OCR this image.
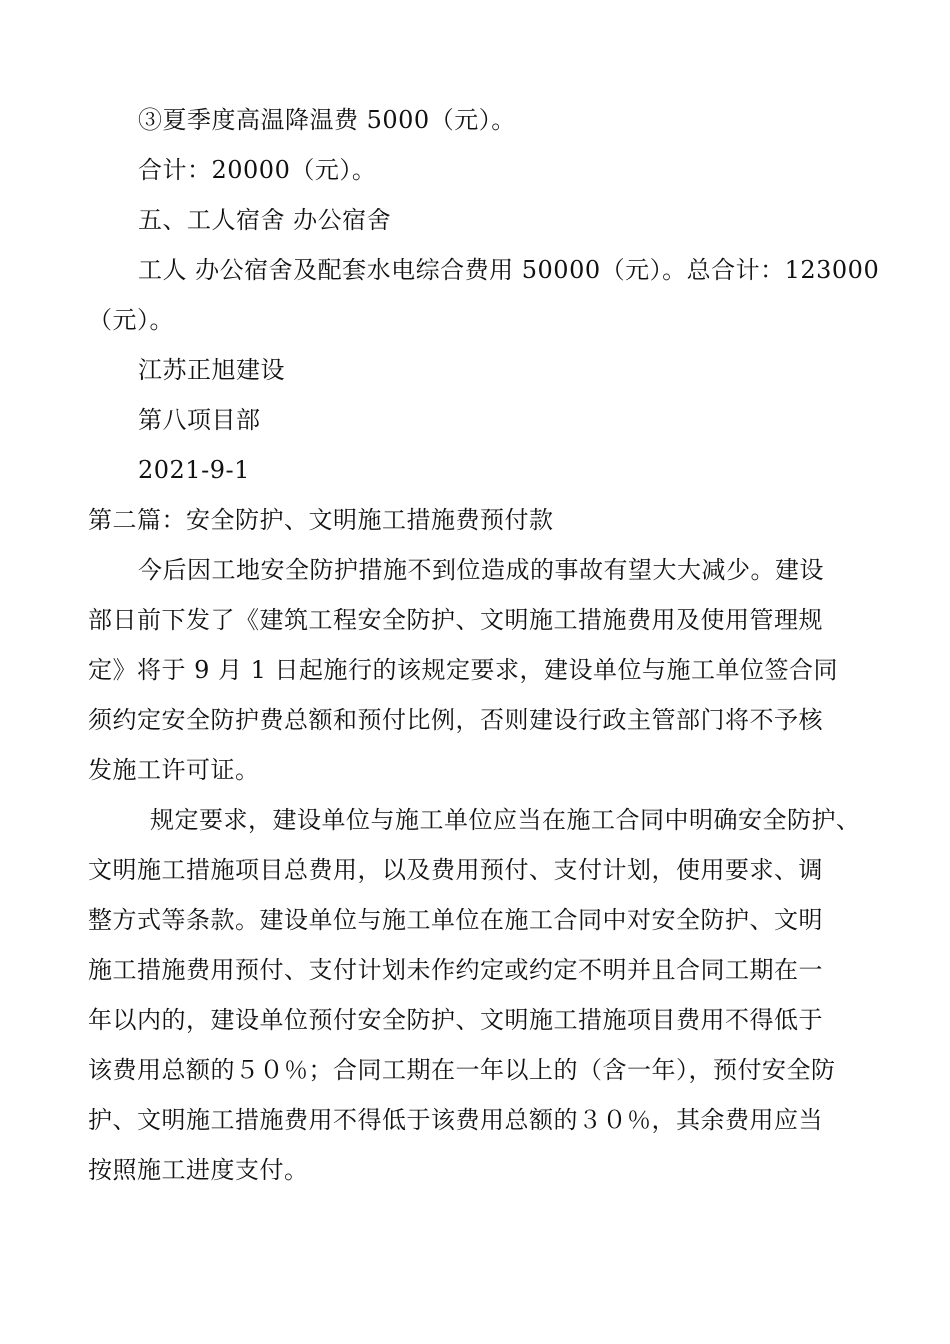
③夏季度高温降温费 5000（元）。
合计：20000（元）。
五、工人宿舍 办公宿舍
工人 办公宿舍及配套水电综合费用 50000（元）。总合计：123000
（元）。
江苏正旭建设
第八项目部
2021-9-1
第二篇：安全防护、文明施工措施费预付款
今后因工地安全防护措施不到位造成的事故有望大大减少。建设
部日前下发了《建筑工程安全防护、文明施工措施费用及使用管理规
定》将于 9 月 1 日起施行的该规定要求，建设单位与施工单位签合同
须约定安全防护费总额和预付比例，否则建设行政主管部门将不予核
发施工许可证。
规定要求，建设单位与施工单位应当在施工合同中明确安全防护、
文明施工措施项目总费用，以及费用预付、支付计划，使用要求、调
整方式等条款。建设单位与施工单位在施工合同中对安全防护、文明
施工措施费用预付、支付计划未作约定或约定不明并且合同工期在一
年以内的，建设单位预付安全防护、文明施工措施项目费用不得低于
该费用总额的５０％；合同工期在一年以上的（含一年），预付安全防
护、文明施工措施费用不得低于该费用总额的３０％，其余费用应当
按照施工进度支付。
